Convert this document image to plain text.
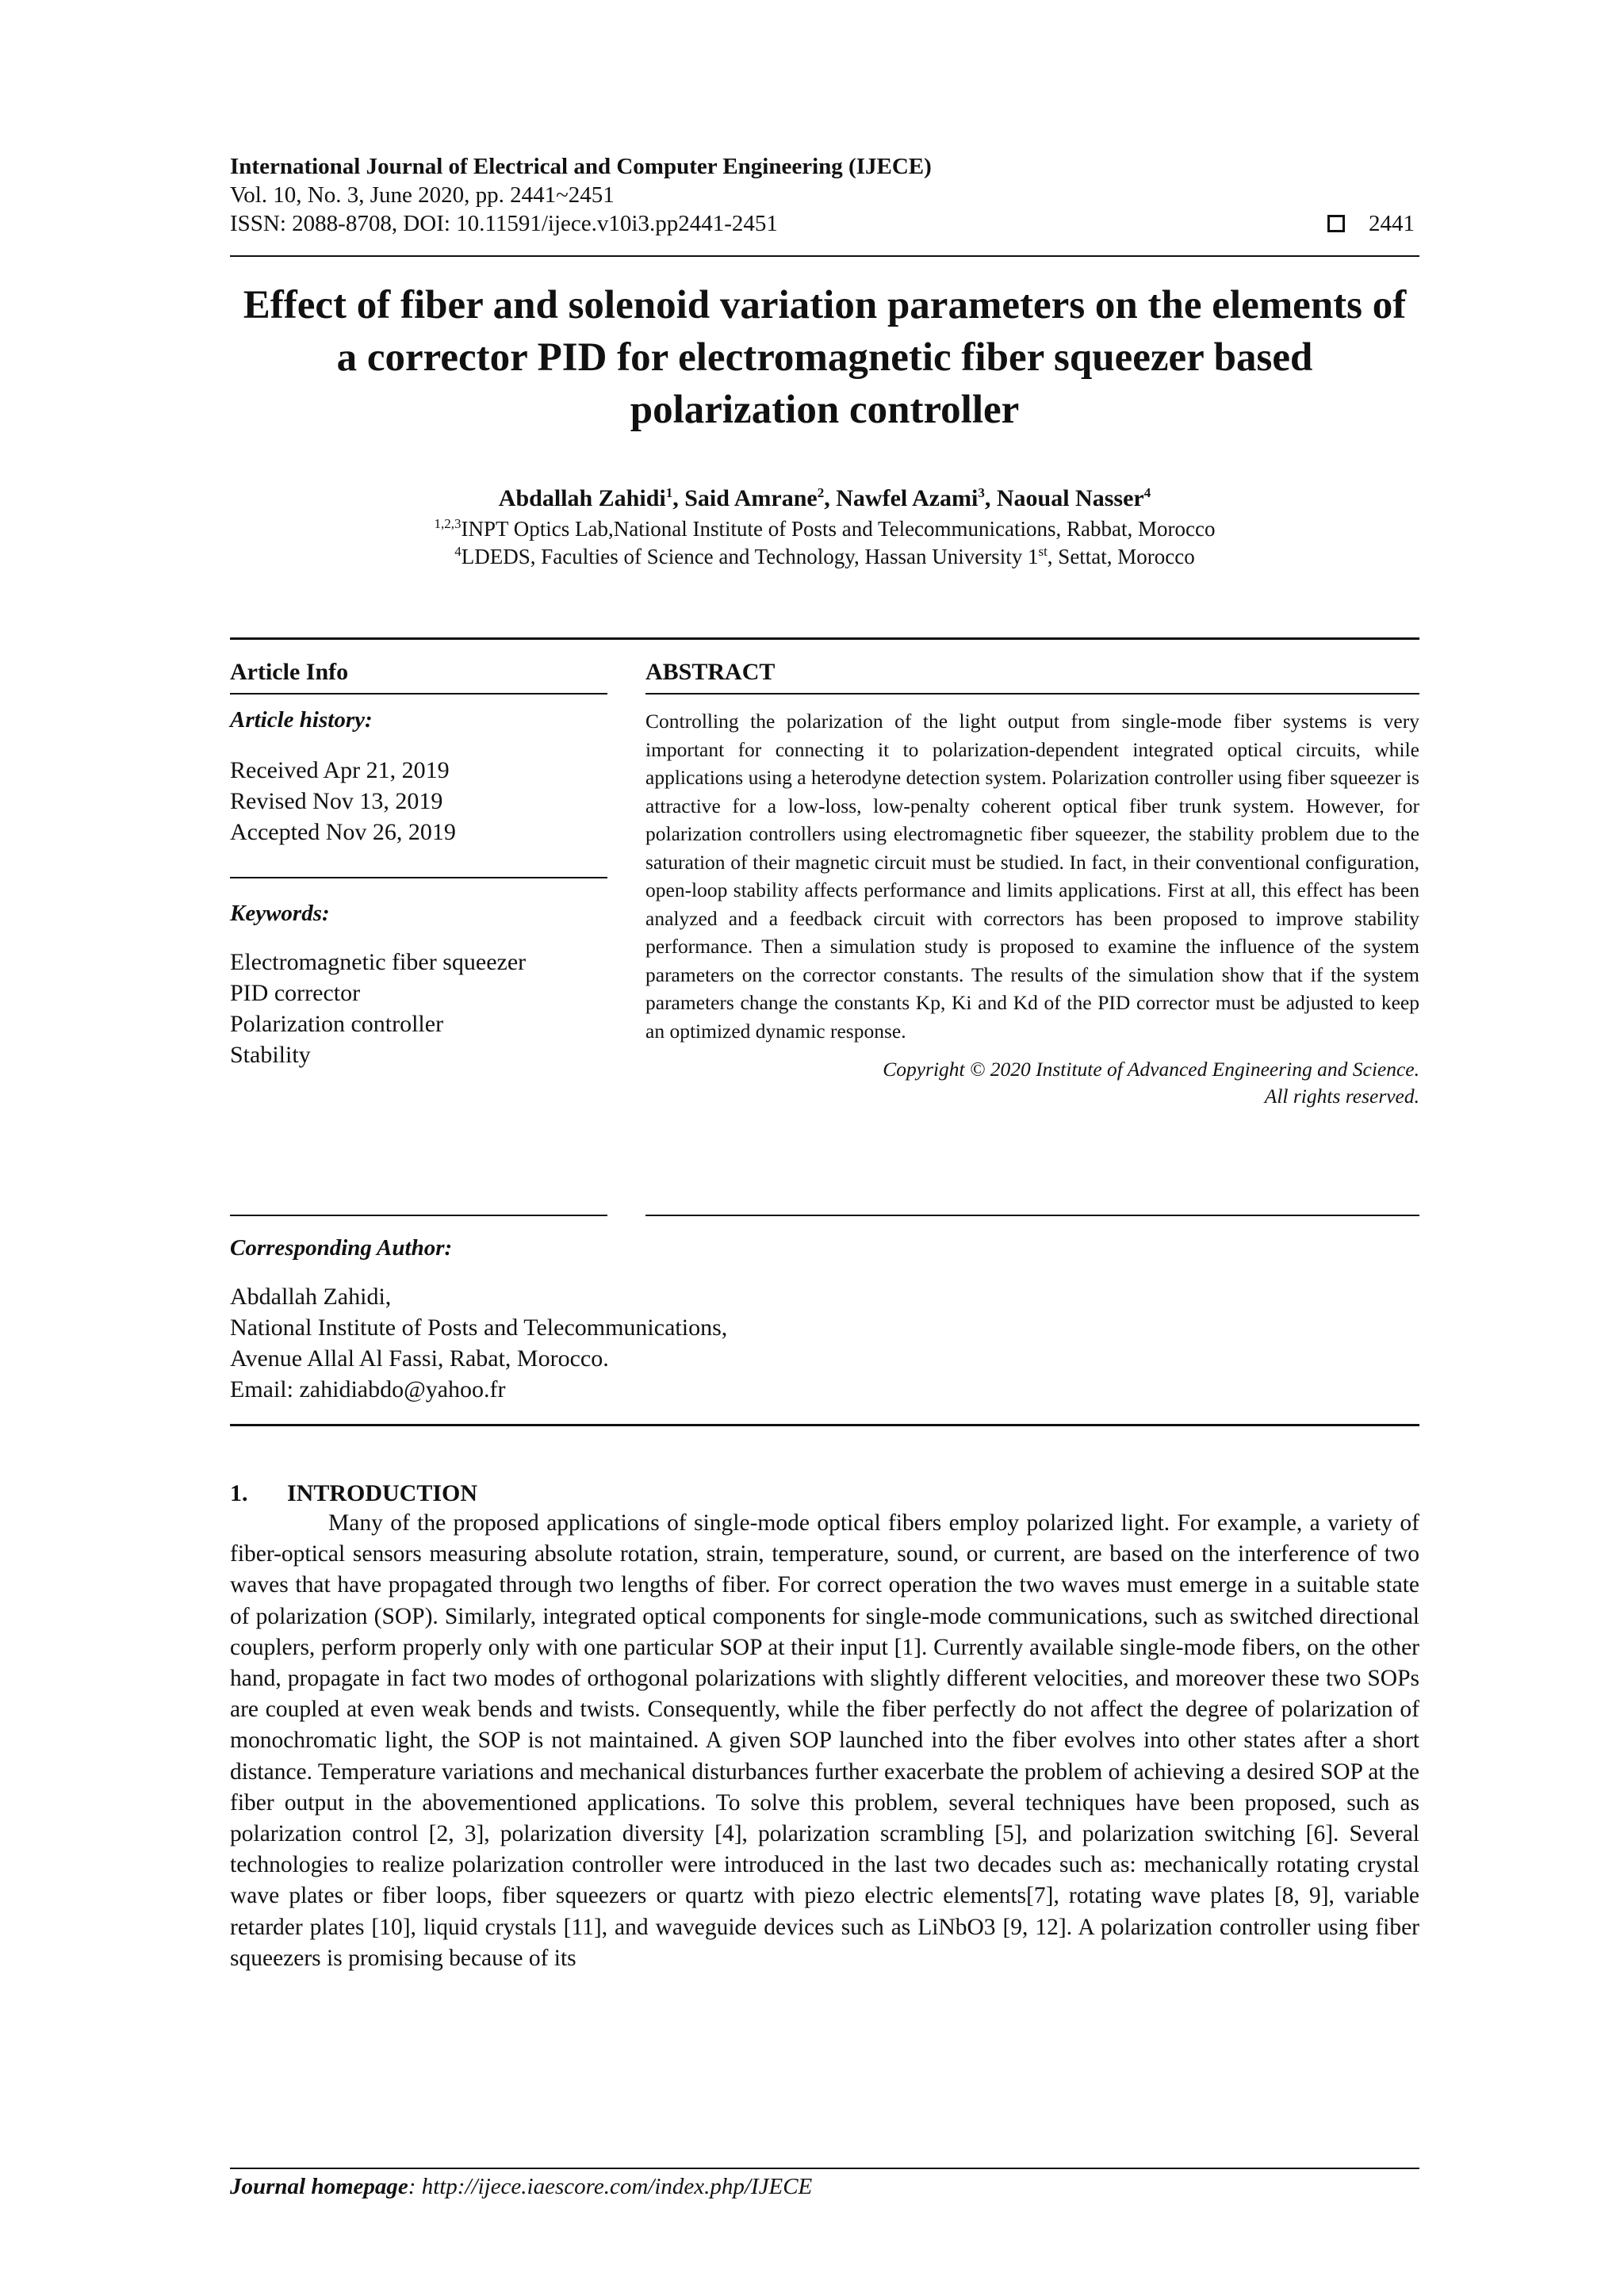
International Journal of Electrical and Computer Engineering (IJECE)
Vol. 10, No. 3, June 2020, pp. 2441~2451
ISSN: 2088-8708, DOI: 10.11591/ijece.v10i3.pp2441-2451	2441
Effect of fiber and solenoid variation parameters on the elements of a corrector PID for electromagnetic fiber squeezer based polarization controller
Abdallah Zahidi$^1$, Said Amrane$^2$, Nawfel Azami$^3$, Naoual Nasser$^4$
$^{1,2,3}$INPT Optics Lab,National Institute of Posts and Telecommunications, Rabbat, Morocco
$^4$LDEDS, Faculties of Science and Technology, Hassan University 1st, Settat, Morocco
Article Info
Article history:
Received Apr 21, 2019
Revised Nov 13, 2019
Accepted Nov 26, 2019
Keywords:
Electromagnetic fiber squeezer
PID corrector
Polarization controller
Stability
ABSTRACT
Controlling the polarization of the light output from single-mode fiber systems is very important for connecting it to polarization-dependent integrated optical circuits, while applications using a heterodyne detection system. Polarization controller using fiber squeezer is attractive for a low-loss, low-penalty coherent optical fiber trunk system. However, for polarization controllers using electromagnetic fiber squeezer, the stability problem due to the saturation of their magnetic circuit must be studied. In fact, in their conventional configuration, open-loop stability affects performance and limits applications. First at all, this effect has been analyzed and a feedback circuit with correctors has been proposed to improve stability performance. Then a simulation study is proposed to examine the influence of the system parameters on the corrector constants. The results of the simulation show that if the system parameters change the constants Kp, Ki and Kd of the PID corrector must be adjusted to keep an optimized dynamic response.
Copyright © 2020 Institute of Advanced Engineering and Science.
All rights reserved.
Corresponding Author:
Abdallah Zahidi,
National Institute of Posts and Telecommunications,
Avenue Allal Al Fassi, Rabat, Morocco.
Email: zahidiabdo@yahoo.fr
1. INTRODUCTION
Many of the proposed applications of single-mode optical fibers employ polarized light. For example, a variety of fiber-optical sensors measuring absolute rotation, strain, temperature, sound, or current, are based on the interference of two waves that have propagated through two lengths of fiber. For correct operation the two waves must emerge in a suitable state of polarization (SOP). Similarly, integrated optical components for single-mode communications, such as switched directional couplers, perform properly only with one particular SOP at their input [1]. Currently available single-mode fibers, on the other hand, propagate in fact two modes of orthogonal polarizations with slightly different velocities, and moreover these two SOPs are coupled at even weak bends and twists. Consequently, while the fiber perfectly do not affect the degree of polarization of monochromatic light, the SOP is not maintained. A given SOP launched into the fiber evolves into other states after a short distance. Temperature variations and mechanical disturbances further exacerbate the problem of achieving a desired SOP at the fiber output in the abovementioned applications. To solve this problem, several techniques have been proposed, such as polarization control [2, 3], polarization diversity [4], polarization scrambling [5], and polarization switching [6]. Several technologies to realize polarization controller were introduced in the last two decades such as: mechanically rotating crystal wave plates or fiber loops, fiber squeezers or quartz with piezo electric elements[7], rotating wave plates [8, 9], variable retarder plates [10], liquid crystals [11], and waveguide devices such as LiNbO3 [9, 12]. A polarization controller using fiber squeezers is promising because of its
Journal homepage: http://ijece.iaescore.com/index.php/IJECE
